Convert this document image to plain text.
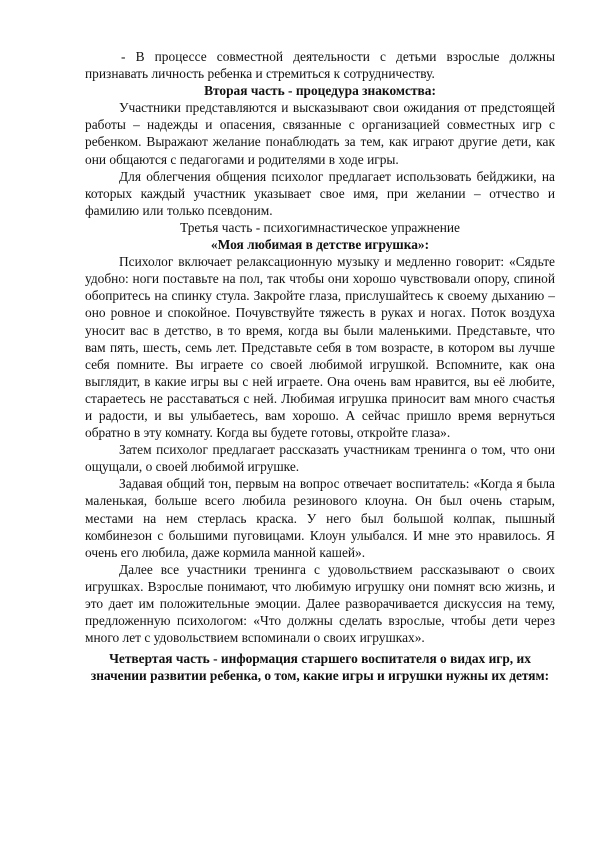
- В процессе совместной деятельности с детьми взрослые должны признавать личность ребенка и стремиться к сотрудничеству.

Вторая часть - процедура знакомства:

Участники представляются и высказывают свои ожидания от предстоящей работы – надежды и опасения, связанные с организацией совместных игр с ребенком. Выражают желание понаблюдать за тем, как играют другие дети, как они общаются с педагогами и родителями в ходе игры.

Для облегчения общения психолог предлагает использовать бейджики, на которых каждый участник указывает свое имя, при желании – отчество и фамилию или только псевдоним.

Третья часть - психогимнастическое упражнение

«Моя любимая в детстве игрушка»:

Психолог включает релаксационную музыку и медленно говорит: «Сядьте удобно: ноги поставьте на пол, так чтобы они хорошо чувствовали опору, спиной обопритесь на спинку стула. Закройте глаза, прислушайтесь к своему дыханию – оно ровное и спокойное. Почувствуйте тяжесть в руках и ногах. Поток воздуха уносит вас в детство, в то время, когда вы были маленькими. Представьте, что вам пять, шесть, семь лет. Представьте себя в том возрасте, в котором вы лучше себя помните. Вы играете со своей любимой игрушкой. Вспомните, как она выглядит, в какие игры вы с ней играете. Она очень вам нравится, вы её любите, стараетесь не расставаться с ней. Любимая игрушка приносит вам много счастья и радости, и вы улыбаетесь, вам хорошо. А сейчас пришло время вернуться обратно в эту комнату. Когда вы будете готовы, откройте глаза».

Затем психолог предлагает рассказать участникам тренинга о том, что они ощущали, о своей любимой игрушке.

Задавая общий тон, первым на вопрос отвечает воспитатель: «Когда я была маленькая, больше всего любила резинового клоуна. Он был очень старым, местами на нем стерлась краска. У него был большой колпак, пышный комбинезон с большими пуговицами. Клоун улыбался. И мне это нравилось. Я очень его любила, даже кормила манной кашей».

Далее все участники тренинга с удовольствием рассказывают о своих игрушках. Взрослые понимают, что любимую игрушку они помнят всю жизнь, и это дает им положительные эмоции. Далее разворачивается дискуссия на тему, предложенную психологом: «Что должны сделать взрослые, чтобы дети через много лет с удовольствием вспоминали о своих игрушках».

Четвертая часть - информация старшего воспитателя о видах игр, их значении развитии ребенка, о том, какие игры и игрушки нужны их детям:
